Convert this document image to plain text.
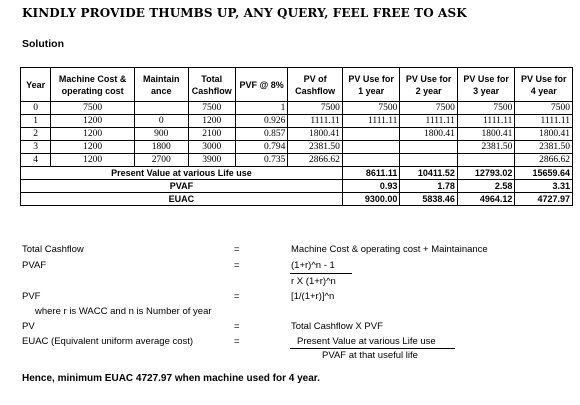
KINDLY PROVIDE THUMBS UP, ANY QUERY, FEEL FREE TO ASK
Solution
Year	Machine Cost & operating cost	Maintain ance	Total Cashflow	PVF @ 8%	PV of Cashflow	PV Use for 1 year	PV Use for 2 year	PV Use for 3 year	PV Use for 4 year
0	7500		7500	1	7500	7500	7500	7500	7500
1	1200	0	1200	0.926	1111.11	1111.11	1111.11	1111.11	1111.11
2	1200	900	2100	0.857	1800.41		1800.41	1800.41	1800.41
3	1200	1800	3000	0.794	2381.50			2381.50	2381.50
4	1200	2700	3900	0.735	2866.62				2866.62
Present Value at various Life use						8611.11	10411.52	12793.02	15659.64
PVAF						0.93	1.78	2.58	3.31
EUAC						9300.00	5838.46	4964.12	4727.97
Total Cashflow	=	Machine Cost & operating cost + Maintainance
PVAF	=	(1+r)^n - 1
r X (1+r)^n
PVF	=	[1/(1+r)]^n
where r is WACC and n is Number of year
PV	=	Total Cashflow X PVF
EUAC (Equivalent uniform average cost)	=	Present Value at various Life use
PVAF at that useful life
Hence, minimum EUAC 4727.97 when machine used for 4 year.
